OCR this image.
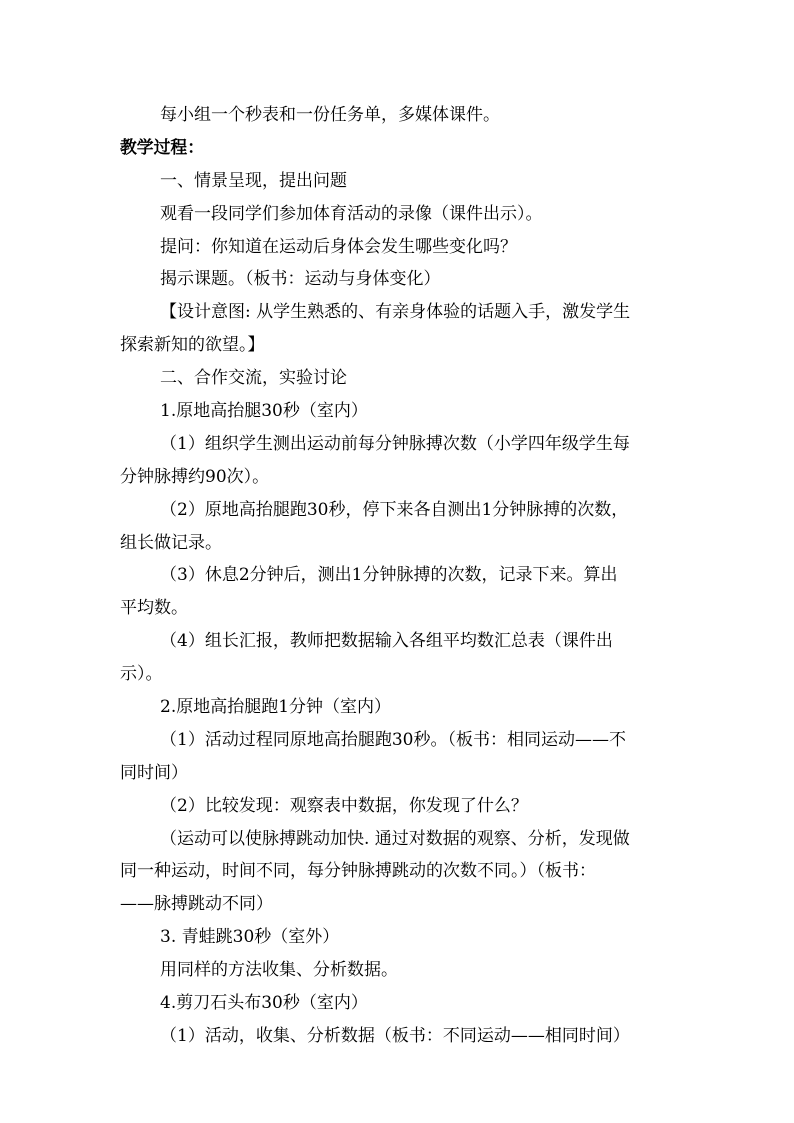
每小组一个秒表和一份任务单，多媒体课件。
教学过程：
一、情景呈现，提出问题
观看一段同学们参加体育活动的录像（课件出示）。
提问：你知道在运动后身体会发生哪些变化吗？
揭示课题。（板书：运动与身体变化）
【设计意图: 从学生熟悉的、有亲身体验的话题入手，激发学生
探索新知的欲望。】
二、合作交流，实验讨论
1.原地高抬腿30秒（室内）
（1）组织学生测出运动前每分钟脉搏次数（小学四年级学生每
分钟脉搏约90次）。
（2）原地高抬腿跑30秒，停下来各自测出1分钟脉搏的次数，
组长做记录。
（3）休息2分钟后，测出1分钟脉搏的次数，记录下来。算出
平均数。
（4）组长汇报，教师把数据输入各组平均数汇总表（课件出
示）。
2.原地高抬腿跑1分钟（室内）
（1）活动过程同原地高抬腿跑30秒。（板书：相同运动——不
同时间）
（2）比较发现：观察表中数据，你发现了什么？
（运动可以使脉搏跳动加快. 通过对数据的观察、分析，发现做
同一种运动，时间不同，每分钟脉搏跳动的次数不同。）（板书：
——脉搏跳动不同）
3. 青蛙跳30秒（室外）
用同样的方法收集、分析数据。
4.剪刀石头布30秒（室内）
（1）活动，收集、分析数据（板书：不同运动——相同时间）
